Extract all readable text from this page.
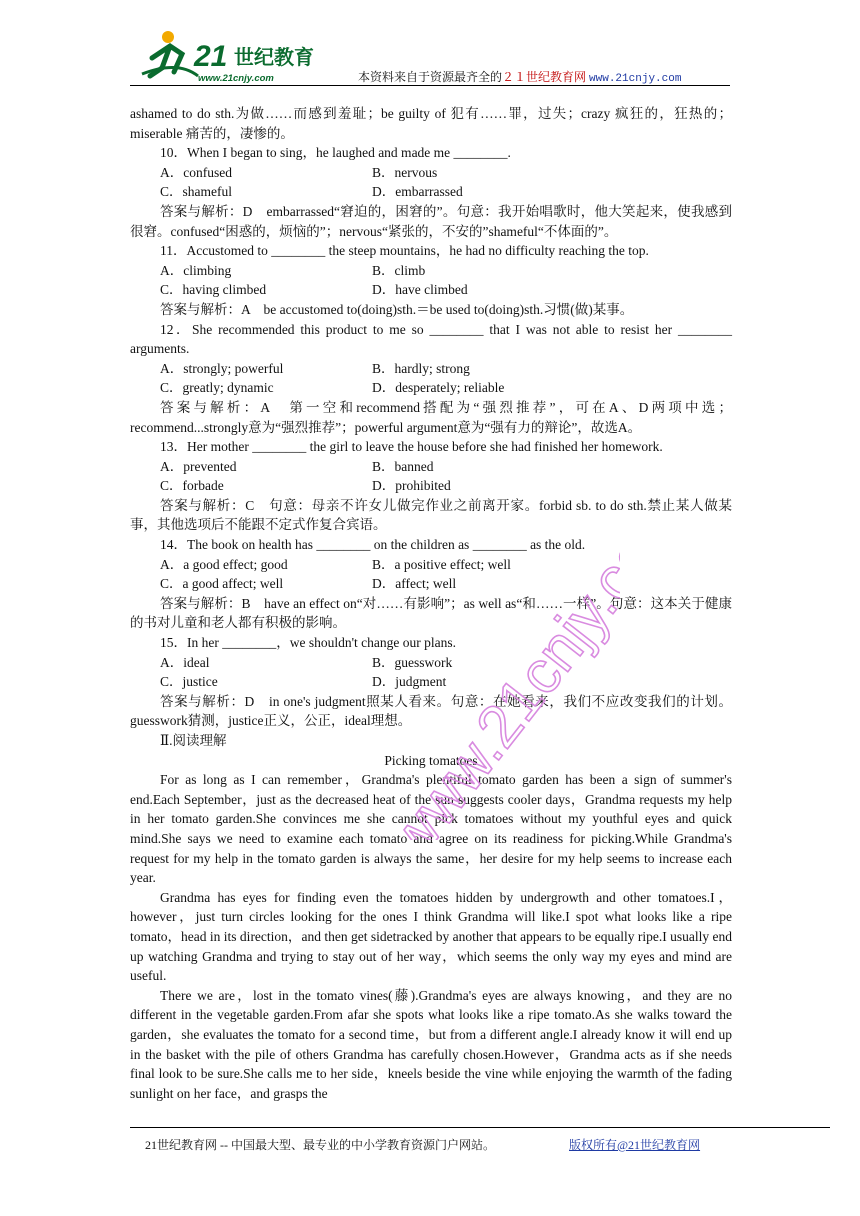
21 世纪教育
www.21cnjy.com	本资料来自于资源最齐全的２１世纪教育网 www.21cnjy.com

ashamed to do sth.为做……而感到羞耻；be guilty of 犯有……罪，过失；crazy 疯狂的，狂热的；miserable 痛苦的，凄惨的。

10．When I began to sing，he laughed and made me ________.

A．confused	B．nervous
C．shameful	D．embarrassed

答案与解析：D　embarrassed“窘迫的，困窘的”。句意：我开始唱歌时，他大笑起来，使我感到很窘。confused“困惑的，烦恼的”；nervous“紧张的，不安的”shameful“不体面的”。

11．Accustomed to ________ the steep mountains，he had no difficulty reaching the top.

A．climbing	B．climb
C．having climbed	D．have climbed

答案与解析：A　be accustomed to(doing)sth.＝be used to(doing)sth.习惯(做)某事。

12．She recommended this product to me so ________ that I was not able to resist her ________ arguments.

A．strongly; powerful	B．hardly; strong
C．greatly; dynamic	D．desperately; reliable

答案与解析：A　第一空和recommend搭配为“强烈推荐”，可在A、D两项中选；recommend...strongly意为“强烈推荐”；powerful argument意为“强有力的辩论”，故选A。

13．Her mother ________ the girl to leave the house before she had finished her homework.

A．prevented	B．banned
C．forbade	D．prohibited

答案与解析：C　句意：母亲不许女儿做完作业之前离开家。forbid sb. to do sth.禁止某人做某事，其他选项后不能跟不定式作复合宾语。

14．The book on health has ________ on the children as ________ as the old.

A．a good effect; good	B．a positive effect; well
C．a good affect; well	D．affect; well

答案与解析：B　have an effect on“对……有影响”；as well as“和……一样”。句意：这本关于健康的书对儿童和老人都有积极的影响。

15．In her ________，we shouldn't change our plans.

A．ideal	B．guesswork
C．justice	D．judgment

答案与解析：D　in one's judgment照某人看来。句意：在她看来，我们不应改变我们的计划。guesswork猜测，justice正义，公正，ideal理想。

Ⅱ.阅读理解

Picking tomatoes

For as long as I can remember，Grandma's plentiful tomato garden has been a sign of summer's end.Each September，just as the decreased heat of the sun suggests cooler days，Grandma requests my help in her tomato garden.She convinces me she cannot pick tomatoes without my youthful eyes and quick mind.She says we need to examine each tomato and agree on its readiness for picking.While Grandma's request for my help in the tomato garden is always the same，her desire for my help seems to increase each year.

Grandma has eyes for finding even the tomatoes hidden by undergrowth and other tomatoes.I，however，just turn circles looking for the ones I think Grandma will like.I spot what looks like a ripe tomato，head in its direction，and then get sidetracked by another that appears to be equally ripe.I usually end up watching Grandma and trying to stay out of her way，which seems the only way my eyes and mind are useful.

There we are，lost in the tomato vines(藤).Grandma's eyes are always knowing，and they are no different in the vegetable garden.From afar she spots what looks like a ripe tomato.As she walks toward the garden，she evaluates the tomato for a second time，but from a different angle.I already know it will end up in the basket with the pile of others Grandma has carefully chosen.However，Grandma acts as if she needs final look to be sure.She calls me to her side，kneels beside the vine while enjoying the warmth of the fading sunlight on her face，and grasps the

www.21cnjy.com
21世纪教育网 -- 中国最大型、最专业的中小学教育资源门户网站。	版权所有@21世纪教育网
